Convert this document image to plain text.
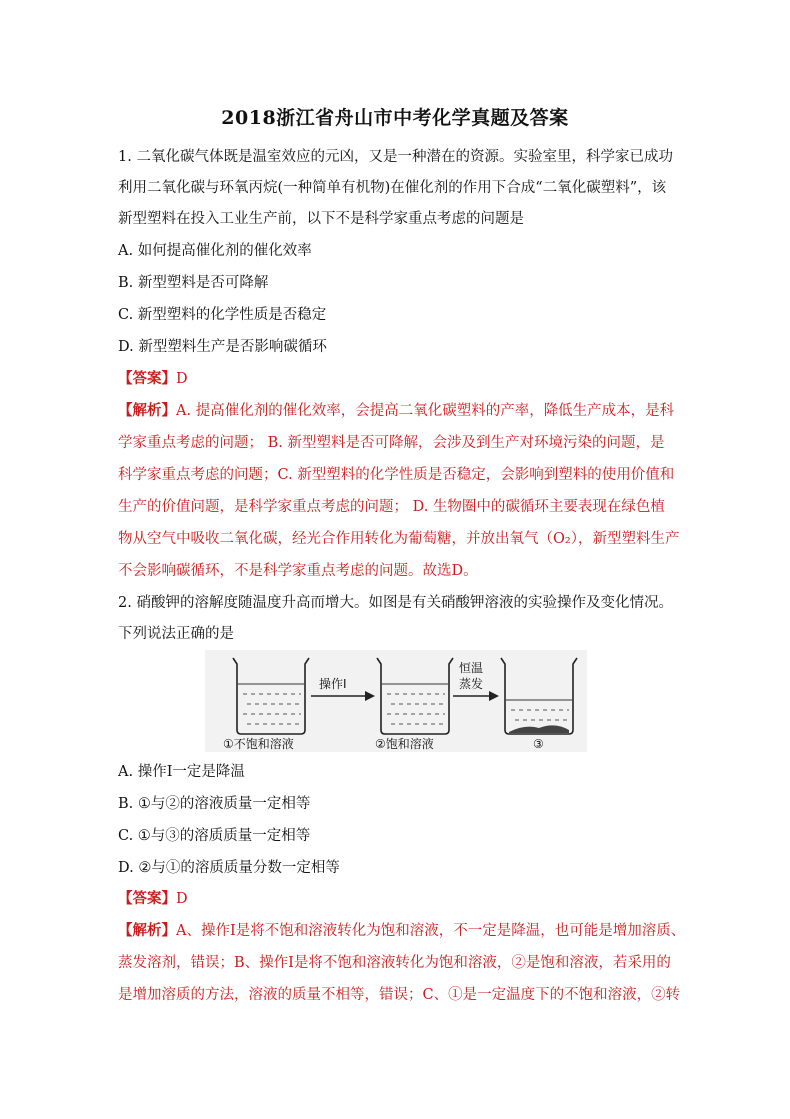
2018浙江省舟山市中考化学真题及答案
1. 二氧化碳气体既是温室效应的元凶，又是一种潜在的资源。实验室里，科学家已成功
利用二氧化碳与环氧丙烷(一种简单有机物)在催化剂的作用下合成“二氧化碳塑料”，该
新型塑料在投入工业生产前，以下不是科学家重点考虑的问题是
A. 如何提高催化剂的催化效率
B. 新型塑料是否可降解
C. 新型塑料的化学性质是否稳定
D. 新型塑料生产是否影响碳循环
【答案】D
【解析】A. 提高催化剂的催化效率，会提高二氧化碳塑料的产率，降低生产成本，是科
学家重点考虑的问题； B. 新型塑料是否可降解，会涉及到生产对环境污染的问题，是
科学家重点考虑的问题；C. 新型塑料的化学性质是否稳定，会影响到塑料的使用价值和
生产的价值问题，是科学家重点考虑的问题； D. 生物圈中的碳循环主要表现在绿色植
物从空气中吸收二氧化碳，经光合作用转化为葡萄糖，并放出氧气（O₂），新型塑料生产
不会影响碳循环，不是科学家重点考虑的问题。故选D。
2. 硝酸钾的溶解度随温度升高而增大。如图是有关硝酸钾溶液的实验操作及变化情况。
下列说法正确的是
①不饱和溶液
操作Ⅰ
②饱和溶液
恒温
蒸发
③
A. 操作Ⅰ一定是降温
B. ①与②的溶液质量一定相等
C. ①与③的溶质质量一定相等
D. ②与①的溶质质量分数一定相等
【答案】D
【解析】A、操作Ⅰ是将不饱和溶液转化为饱和溶液，不一定是降温，也可能是增加溶质、
蒸发溶剂，错误；B、操作Ⅰ是将不饱和溶液转化为饱和溶液，②是饱和溶液，若采用的
是增加溶质的方法，溶液的质量不相等，错误；C、①是一定温度下的不饱和溶液，②转
